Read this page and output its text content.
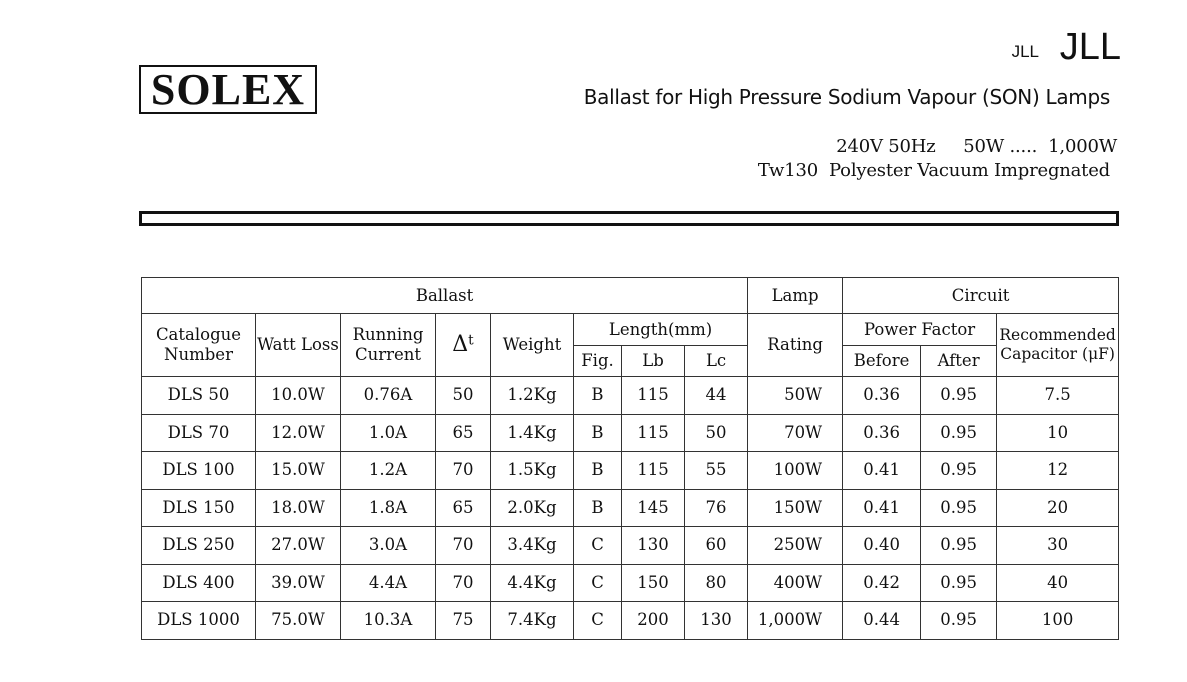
SOLEX
JLL JLL
Ballast for High Pressure Sodium Vapour (SON) Lamps
240V 50Hz     50W .....  1,000W
Tw130  Polyester Vacuum Impregnated
Ballast								Lamp	Circuit		
Catalogue Number	Watt Loss	Running Current	$\Delta^t$	Weight	Length(mm)			Rating	Power Factor		Recommended Capacitor (μF)
					Fig.	Lb	Lc		Before	After	
DLS 50	10.0W	0.76A	50	1.2Kg	B	115	44	50W	0.36	0.95	7.5
DLS 70	12.0W	1.0A	65	1.4Kg	B	115	50	70W	0.36	0.95	10
DLS 100	15.0W	1.2A	70	1.5Kg	B	115	55	100W	0.41	0.95	12
DLS 150	18.0W	1.8A	65	2.0Kg	B	145	76	150W	0.41	0.95	20
DLS 250	27.0W	3.0A	70	3.4Kg	C	130	60	250W	0.40	0.95	30
DLS 400	39.0W	4.4A	70	4.4Kg	C	150	80	400W	0.42	0.95	40
DLS 1000	75.0W	10.3A	75	7.4Kg	C	200	130	1,000W	0.44	0.95	100
